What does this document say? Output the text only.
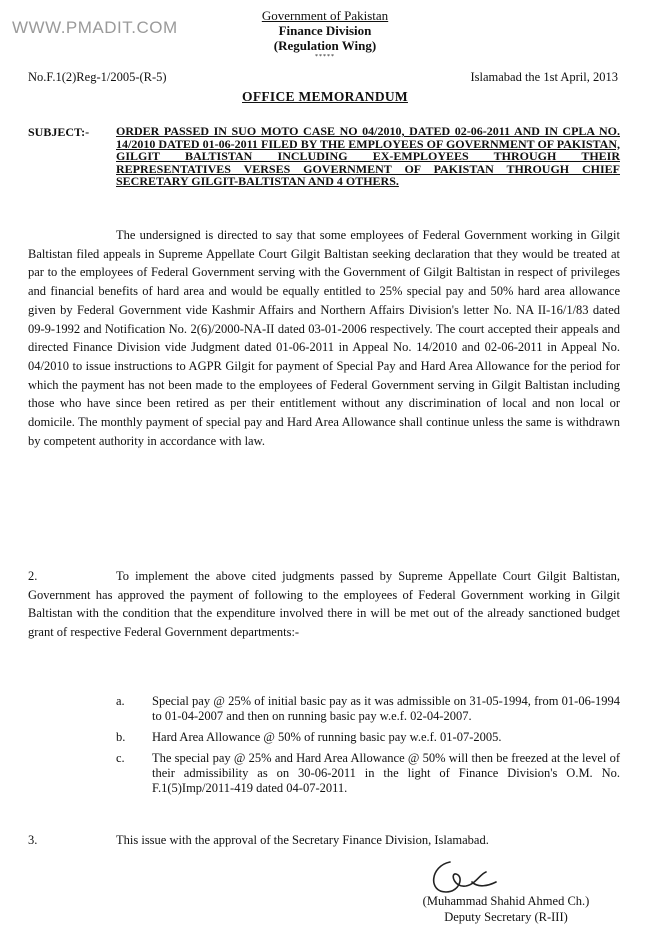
WWW.PMADIT.COM
Government of Pakistan
Finance Division
(Regulation Wing)
*****
No.F.1(2)Reg-1/2005-(R-5)	Islamabad the 1st April, 2013
OFFICE MEMORANDUM
SUBJECT:-	ORDER PASSED IN SUO MOTO CASE NO 04/2010, DATED 02-06-2011 AND IN CPLA NO. 14/2010 DATED 01-06-2011 FILED BY THE EMPLOYEES OF GOVERNMENT OF PAKISTAN, GILGIT BALTISTAN INCLUDING EX-EMPLOYEES THROUGH THEIR REPRESENTATIVES VERSES GOVERNMENT OF PAKISTAN THROUGH CHIEF SECRETARY GILGIT-BALTISTAN AND 4 OTHERS.
The undersigned is directed to say that some employees of Federal Government working in Gilgit Baltistan filed appeals in Supreme Appellate Court Gilgit Baltistan seeking declaration that they would be treated at par to the employees of Federal Government serving with the Government of Gilgit Baltistan in respect of privileges and financial benefits of hard area and would be equally entitled to 25% special pay and 50% hard area allowance given by Federal Government vide Kashmir Affairs and Northern Affairs Division's letter No. NA II-16/1/83 dated 09-9-1992 and Notification No. 2(6)/2000-NA-II dated 03-01-2006 respectively. The court accepted their appeals and directed Finance Division vide Judgment dated 01-06-2011 in Appeal No. 14/2010 and 02-06-2011 in Appeal No. 04/2010 to issue instructions to AGPR Gilgit for payment of Special Pay and Hard Area Allowance for the period for which the payment has not been made to the employees of Federal Government serving in Gilgit Baltistan including those who have since been retired as per their entitlement without any discrimination of local and non local or domicile. The monthly payment of special pay and Hard Area Allowance shall continue unless the same is withdrawn by competent authority in accordance with law.
2.	To implement the above cited judgments passed by Supreme Appellate Court Gilgit Baltistan, Government has approved the payment of following to the employees of Federal Government working in Gilgit Baltistan with the condition that the expenditure involved there in will be met out of the already sanctioned budget grant of respective Federal Government departments:-
a.	Special pay @ 25% of initial basic pay as it was admissible on 31-05-1994, from 01-06-1994 to 01-04-2007 and then on running basic pay w.e.f. 02-04-2007.
b.	Hard Area Allowance @ 50% of running basic pay w.e.f. 01-07-2005.
c.	The special pay @ 25% and Hard Area Allowance @ 50% will then be freezed at the level of their admissibility as on 30-06-2011 in the light of Finance Division's O.M. No. F.1(5)Imp/2011-419 dated 04-07-2011.
3.	This issue with the approval of the Secretary Finance Division, Islamabad.
(Muhammad Shahid Ahmed Ch.)
Deputy Secretary (R-III)
